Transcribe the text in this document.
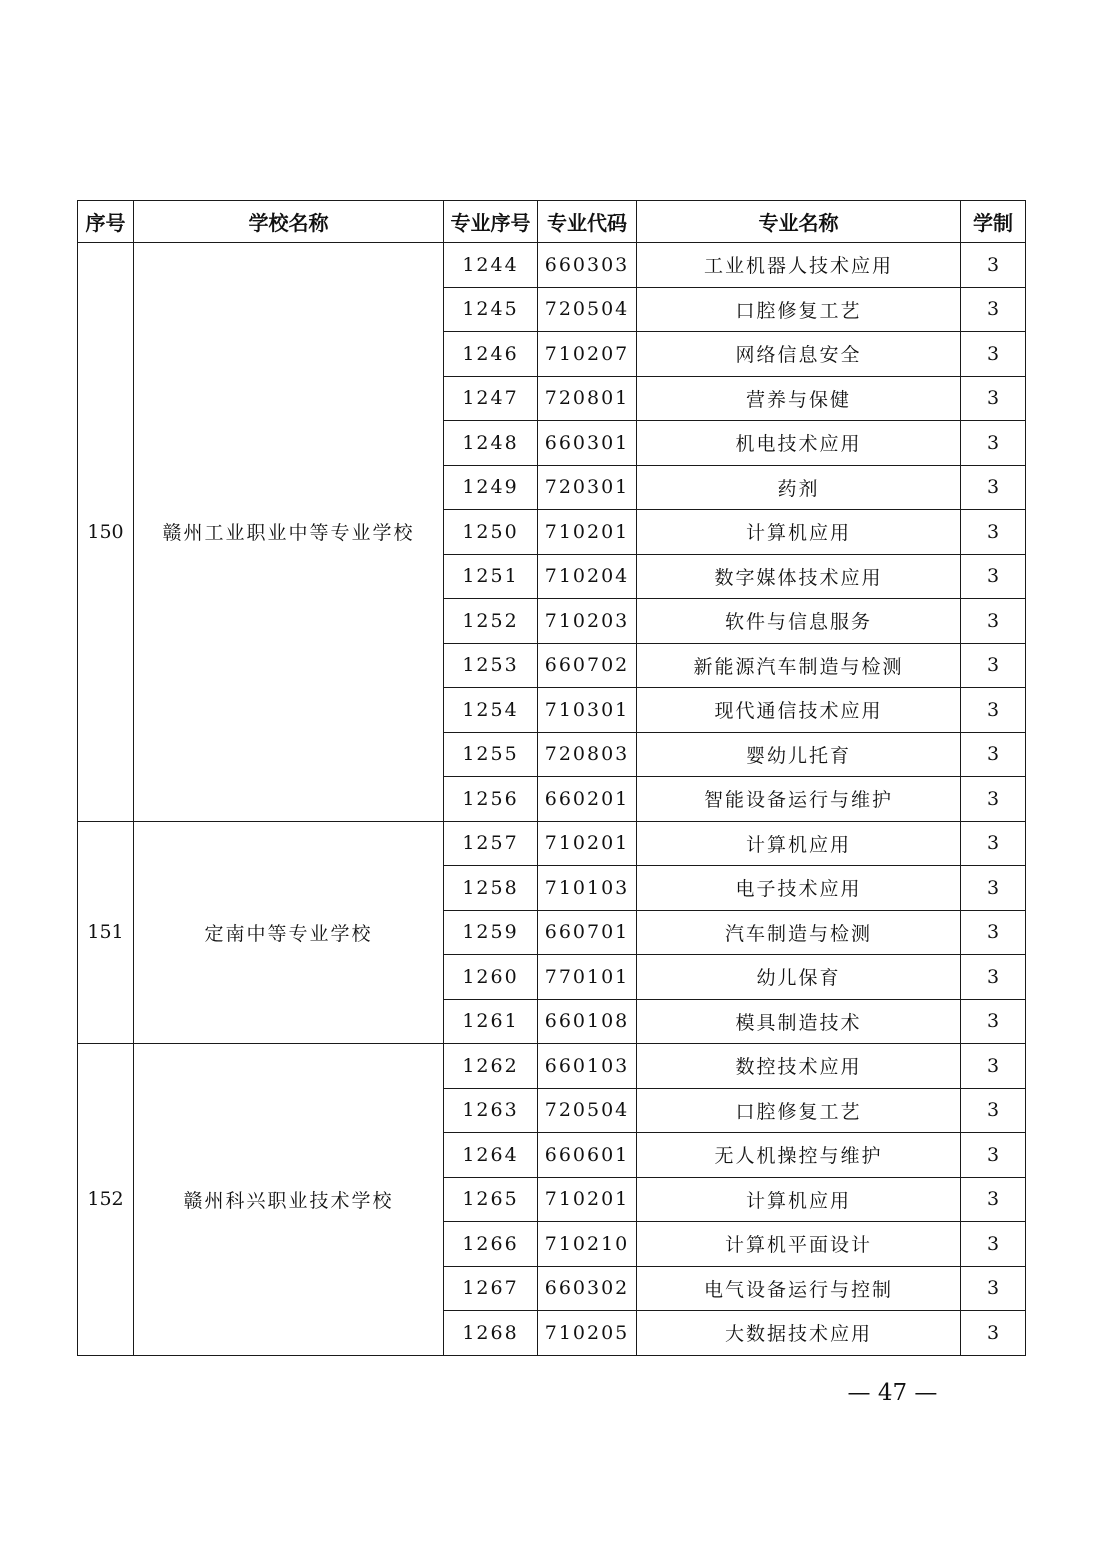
序号	学校名称	专业序号	专业代码	专业名称	学制
150	赣州工业职业中等专业学校	1244	660303	工业机器人技术应用	3
		1245	720504	口腔修复工艺	3
		1246	710207	网络信息安全	3
		1247	720801	营养与保健	3
		1248	660301	机电技术应用	3
		1249	720301	药剂	3
		1250	710201	计算机应用	3
		1251	710204	数字媒体技术应用	3
		1252	710203	软件与信息服务	3
		1253	660702	新能源汽车制造与检测	3
		1254	710301	现代通信技术应用	3
		1255	720803	婴幼儿托育	3
		1256	660201	智能设备运行与维护	3
151	定南中等专业学校	1257	710201	计算机应用	3
		1258	710103	电子技术应用	3
		1259	660701	汽车制造与检测	3
		1260	770101	幼儿保育	3
		1261	660108	模具制造技术	3
152	赣州科兴职业技术学校	1262	660103	数控技术应用	3
		1263	720504	口腔修复工艺	3
		1264	660601	无人机操控与维护	3
		1265	710201	计算机应用	3
		1266	710210	计算机平面设计	3
		1267	660302	电气设备运行与控制	3
		1268	710205	大数据技术应用	3
— 47 —
